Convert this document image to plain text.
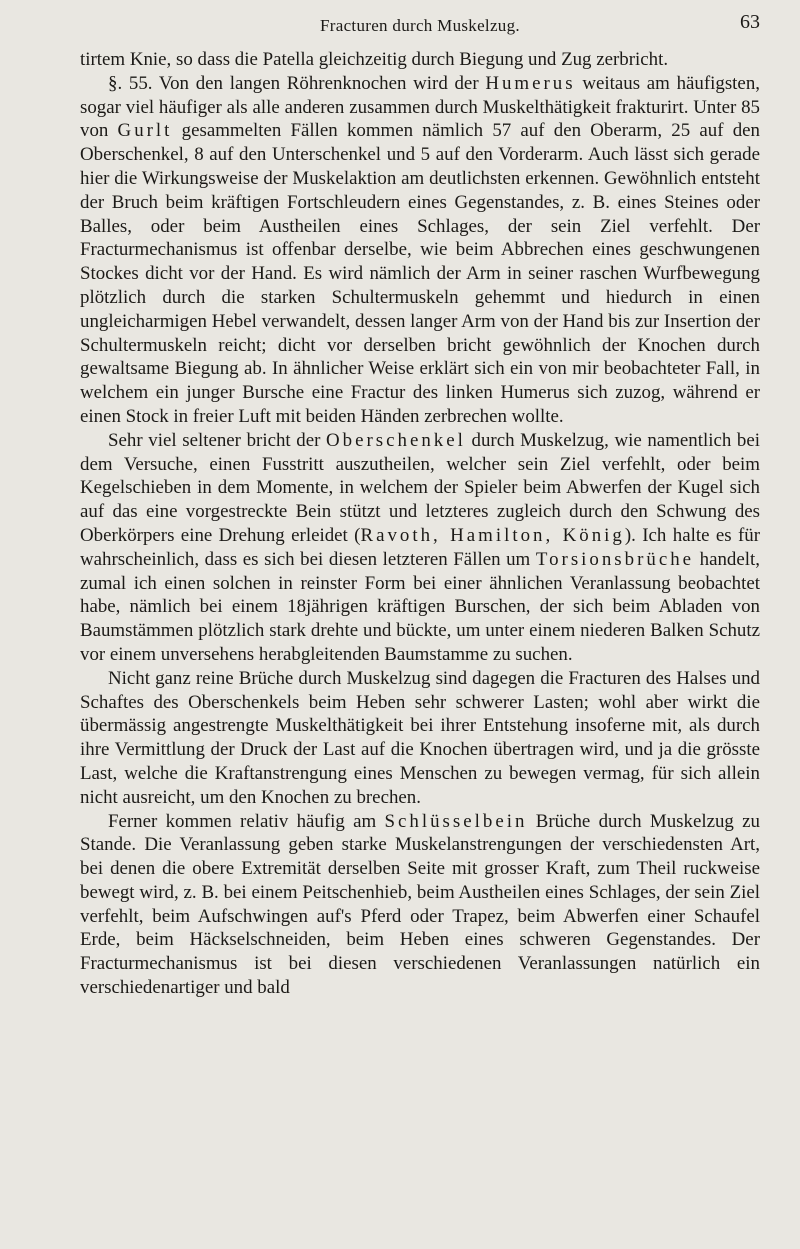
Fracturen durch Muskelzug.	63

tirtem Knie, so dass die Patella gleichzeitig durch Biegung und Zug zerbricht.

§. 55. Von den langen Röhrenknochen wird der Humerus weitaus am häufigsten, sogar viel häufiger als alle anderen zusammen durch Muskelthätigkeit frakturirt. Unter 85 von Gurlt gesammelten Fällen kommen nämlich 57 auf den Oberarm, 25 auf den Oberschenkel, 8 auf den Unterschenkel und 5 auf den Vorderarm. Auch lässt sich gerade hier die Wirkungsweise der Muskelaktion am deutlichsten erkennen. Gewöhnlich entsteht der Bruch beim kräftigen Fortschleudern eines Gegenstandes, z. B. eines Steines oder Balles, oder beim Austheilen eines Schlages, der sein Ziel verfehlt. Der Fracturmechanismus ist offenbar derselbe, wie beim Abbrechen eines geschwungenen Stockes dicht vor der Hand. Es wird nämlich der Arm in seiner raschen Wurfbewegung plötzlich durch die starken Schultermuskeln gehemmt und hiedurch in einen ungleicharmigen Hebel verwandelt, dessen langer Arm von der Hand bis zur Insertion der Schultermuskeln reicht; dicht vor derselben bricht gewöhnlich der Knochen durch gewaltsame Biegung ab. In ähnlicher Weise erklärt sich ein von mir beobachteter Fall, in welchem ein junger Bursche eine Fractur des linken Humerus sich zuzog, während er einen Stock in freier Luft mit beiden Händen zerbrechen wollte.

Sehr viel seltener bricht der Oberschenkel durch Muskelzug, wie namentlich bei dem Versuche, einen Fusstritt auszutheilen, welcher sein Ziel verfehlt, oder beim Kegelschieben in dem Momente, in welchem der Spieler beim Abwerfen der Kugel sich auf das eine vorgestreckte Bein stützt und letzteres zugleich durch den Schwung des Oberkörpers eine Drehung erleidet (Ravoth, Hamilton, König). Ich halte es für wahrscheinlich, dass es sich bei diesen letzteren Fällen um Torsionsbrüche handelt, zumal ich einen solchen in reinster Form bei einer ähnlichen Veranlassung beobachtet habe, nämlich bei einem 18jährigen kräftigen Burschen, der sich beim Abladen von Baumstämmen plötzlich stark drehte und bückte, um unter einem niederen Balken Schutz vor einem unversehens herabgleitenden Baumstamme zu suchen.

Nicht ganz reine Brüche durch Muskelzug sind dagegen die Fracturen des Halses und Schaftes des Oberschenkels beim Heben sehr schwerer Lasten; wohl aber wirkt die übermässig angestrengte Muskelthätigkeit bei ihrer Entstehung insoferne mit, als durch ihre Vermittlung der Druck der Last auf die Knochen übertragen wird, und ja die grösste Last, welche die Kraftanstrengung eines Menschen zu bewegen vermag, für sich allein nicht ausreicht, um den Knochen zu brechen.

Ferner kommen relativ häufig am Schlüsselbein Brüche durch Muskelzug zu Stande. Die Veranlassung geben starke Muskelanstrengungen der verschiedensten Art, bei denen die obere Extremität derselben Seite mit grosser Kraft, zum Theil ruckweise bewegt wird, z. B. bei einem Peitschenhieb, beim Austheilen eines Schlages, der sein Ziel verfehlt, beim Aufschwingen auf's Pferd oder Trapez, beim Abwerfen einer Schaufel Erde, beim Häckselschneiden, beim Heben eines schweren Gegenstandes. Der Fracturmechanismus ist bei diesen verschiedenen Veranlassungen natürlich ein verschiedenartiger und bald
